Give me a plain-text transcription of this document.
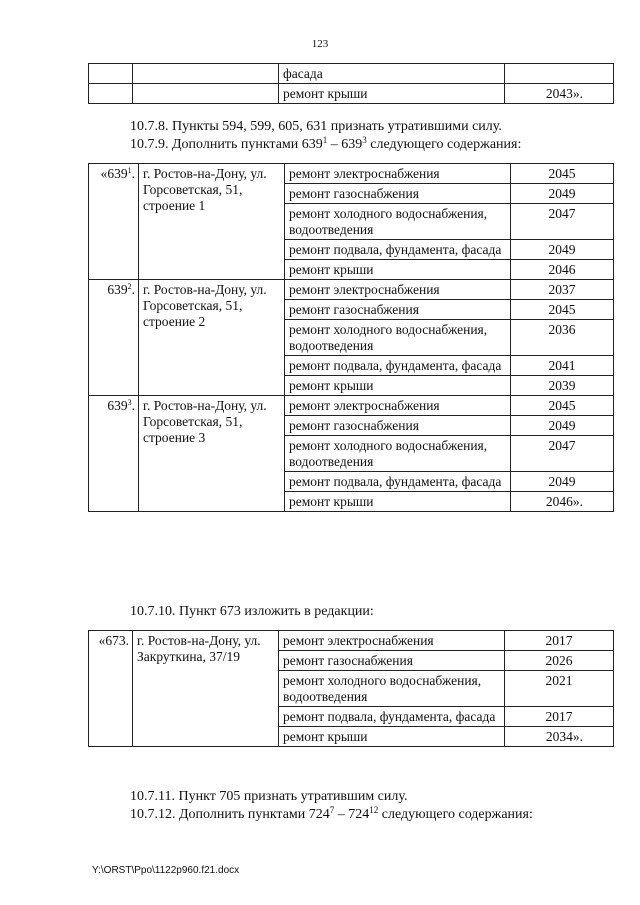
123
		фасада	
		ремонт крыши	2043».
10.7.8. Пункты 594, 599, 605, 631 признать утратившими силу.
10.7.9. Дополнить пунктами $639^1 - 639^3$ следующего содержания:
«$639^1$.	г. Ростов-на-Дону, ул. Горсоветская, 51, строение 1	ремонт электроснабжения	2045
		ремонт газоснабжения	2049
		ремонт холодного водоснабжения, водоотведения	2047
		ремонт подвала, фундамента, фасада	2049
		ремонт крыши	2046
$639^2$.	г. Ростов-на-Дону, ул. Горсоветская, 51, строение 2	ремонт электроснабжения	2037
		ремонт газоснабжения	2045
		ремонт холодного водоснабжения, водоотведения	2036
		ремонт подвала, фундамента, фасада	2041
		ремонт крыши	2039
$639^3$.	г. Ростов-на-Дону, ул. Горсоветская, 51, строение 3	ремонт электроснабжения	2045
		ремонт газоснабжения	2049
		ремонт холодного водоснабжения, водоотведения	2047
		ремонт подвала, фундамента, фасада	2049
		ремонт крыши	2046».
10.7.10. Пункт 673 изложить в редакции:
«673.	г. Ростов-на-Дону, ул. Закруткина, 37/19	ремонт электроснабжения	2017
		ремонт газоснабжения	2026
		ремонт холодного водоснабжения, водоотведения	2021
		ремонт подвала, фундамента, фасада	2017
		ремонт крыши	2034».
10.7.11. Пункт 705 признать утратившим силу.
10.7.12. Дополнить пунктами $724^7 - 724^{12}$ следующего содержания:
Y:\ORST\Ppo\1122p960.f21.docx
